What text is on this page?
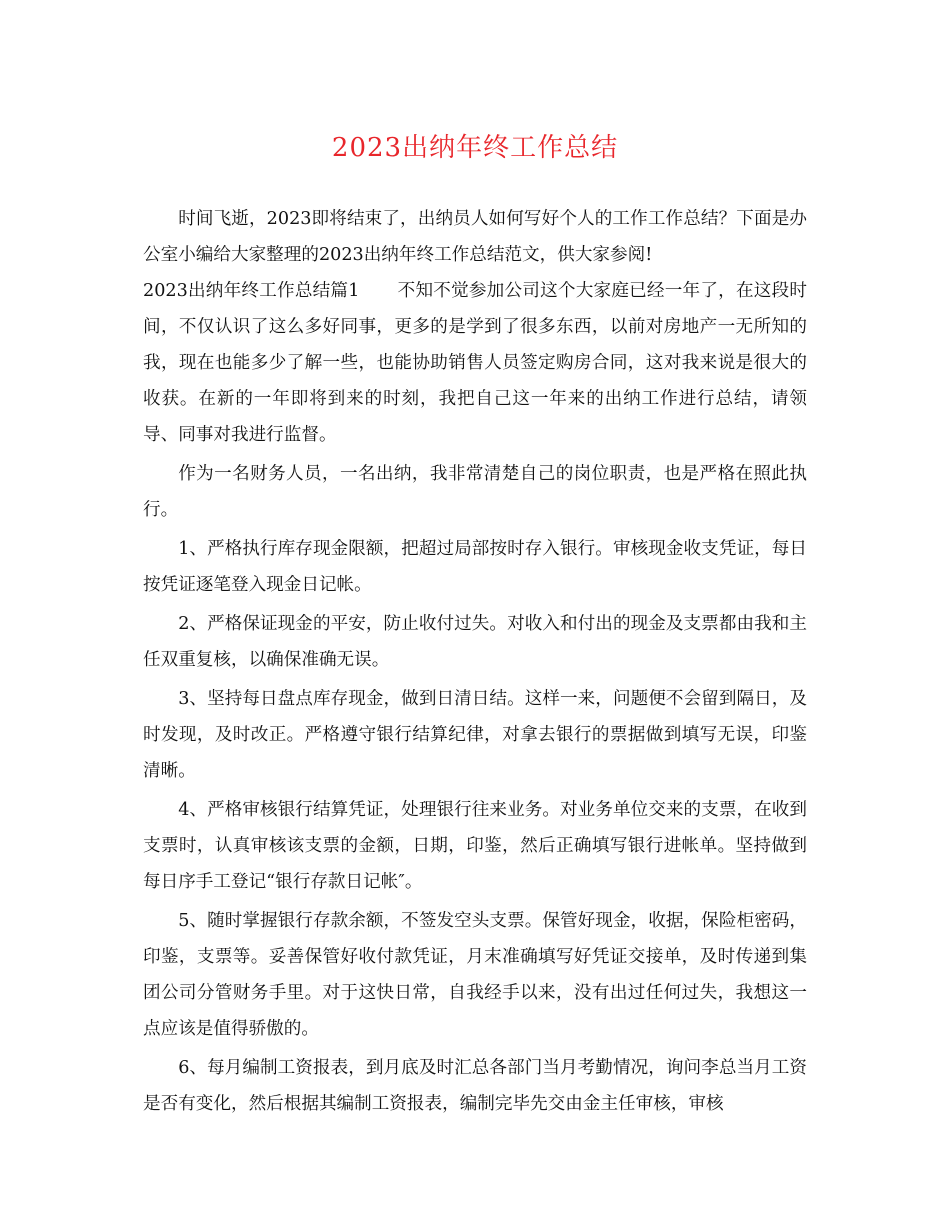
2023出纳年终工作总结

时间飞逝，2023即将结束了，出纳员人如何写好个人的工作工作总结？下面是办公室小编给大家整理的2023出纳年终工作总结范文，供大家参阅!

2023出纳年终工作总结篇1 不知不觉参加公司这个大家庭已经一年了，在这段时间，不仅认识了这么多好同事，更多的是学到了很多东西，以前对房地产一无所知的我，现在也能多少了解一些，也能协助销售人员签定购房合同，这对我来说是很大的收获。在新的一年即将到来的时刻，我把自己这一年来的出纳工作进行总结，请领导、同事对我进行监督。

作为一名财务人员，一名出纳，我非常清楚自己的岗位职责，也是严格在照此执行。

1、严格执行库存现金限额，把超过局部按时存入银行。审核现金收支凭证，每日按凭证逐笔登入现金日记帐。

2、严格保证现金的平安，防止收付过失。对收入和付出的现金及支票都由我和主任双重复核，以确保准确无误。

3、坚持每日盘点库存现金，做到日清日结。这样一来，问题便不会留到隔日，及时发现，及时改正。严格遵守银行结算纪律，对拿去银行的票据做到填写无误，印鉴清晰。

4、严格审核银行结算凭证，处理银行往来业务。对业务单位交来的支票，在收到支票时，认真审核该支票的金额，日期，印鉴，然后正确填写银行进帐单。坚持做到每日序手工登记“银行存款日记帐″。

5、随时掌握银行存款余额，不签发空头支票。保管好现金，收据，保险柜密码，印鉴，支票等。妥善保管好收付款凭证，月末准确填写好凭证交接单，及时传递到集团公司分管财务手里。对于这快日常，自我经手以来，没有出过任何过失，我想这一点应该是值得骄傲的。

6、每月编制工资报表，到月底及时汇总各部门当月考勤情况，询问李总当月工资是否有变化，然后根据其编制工资报表，编制完毕先交由金主任审核，审核
